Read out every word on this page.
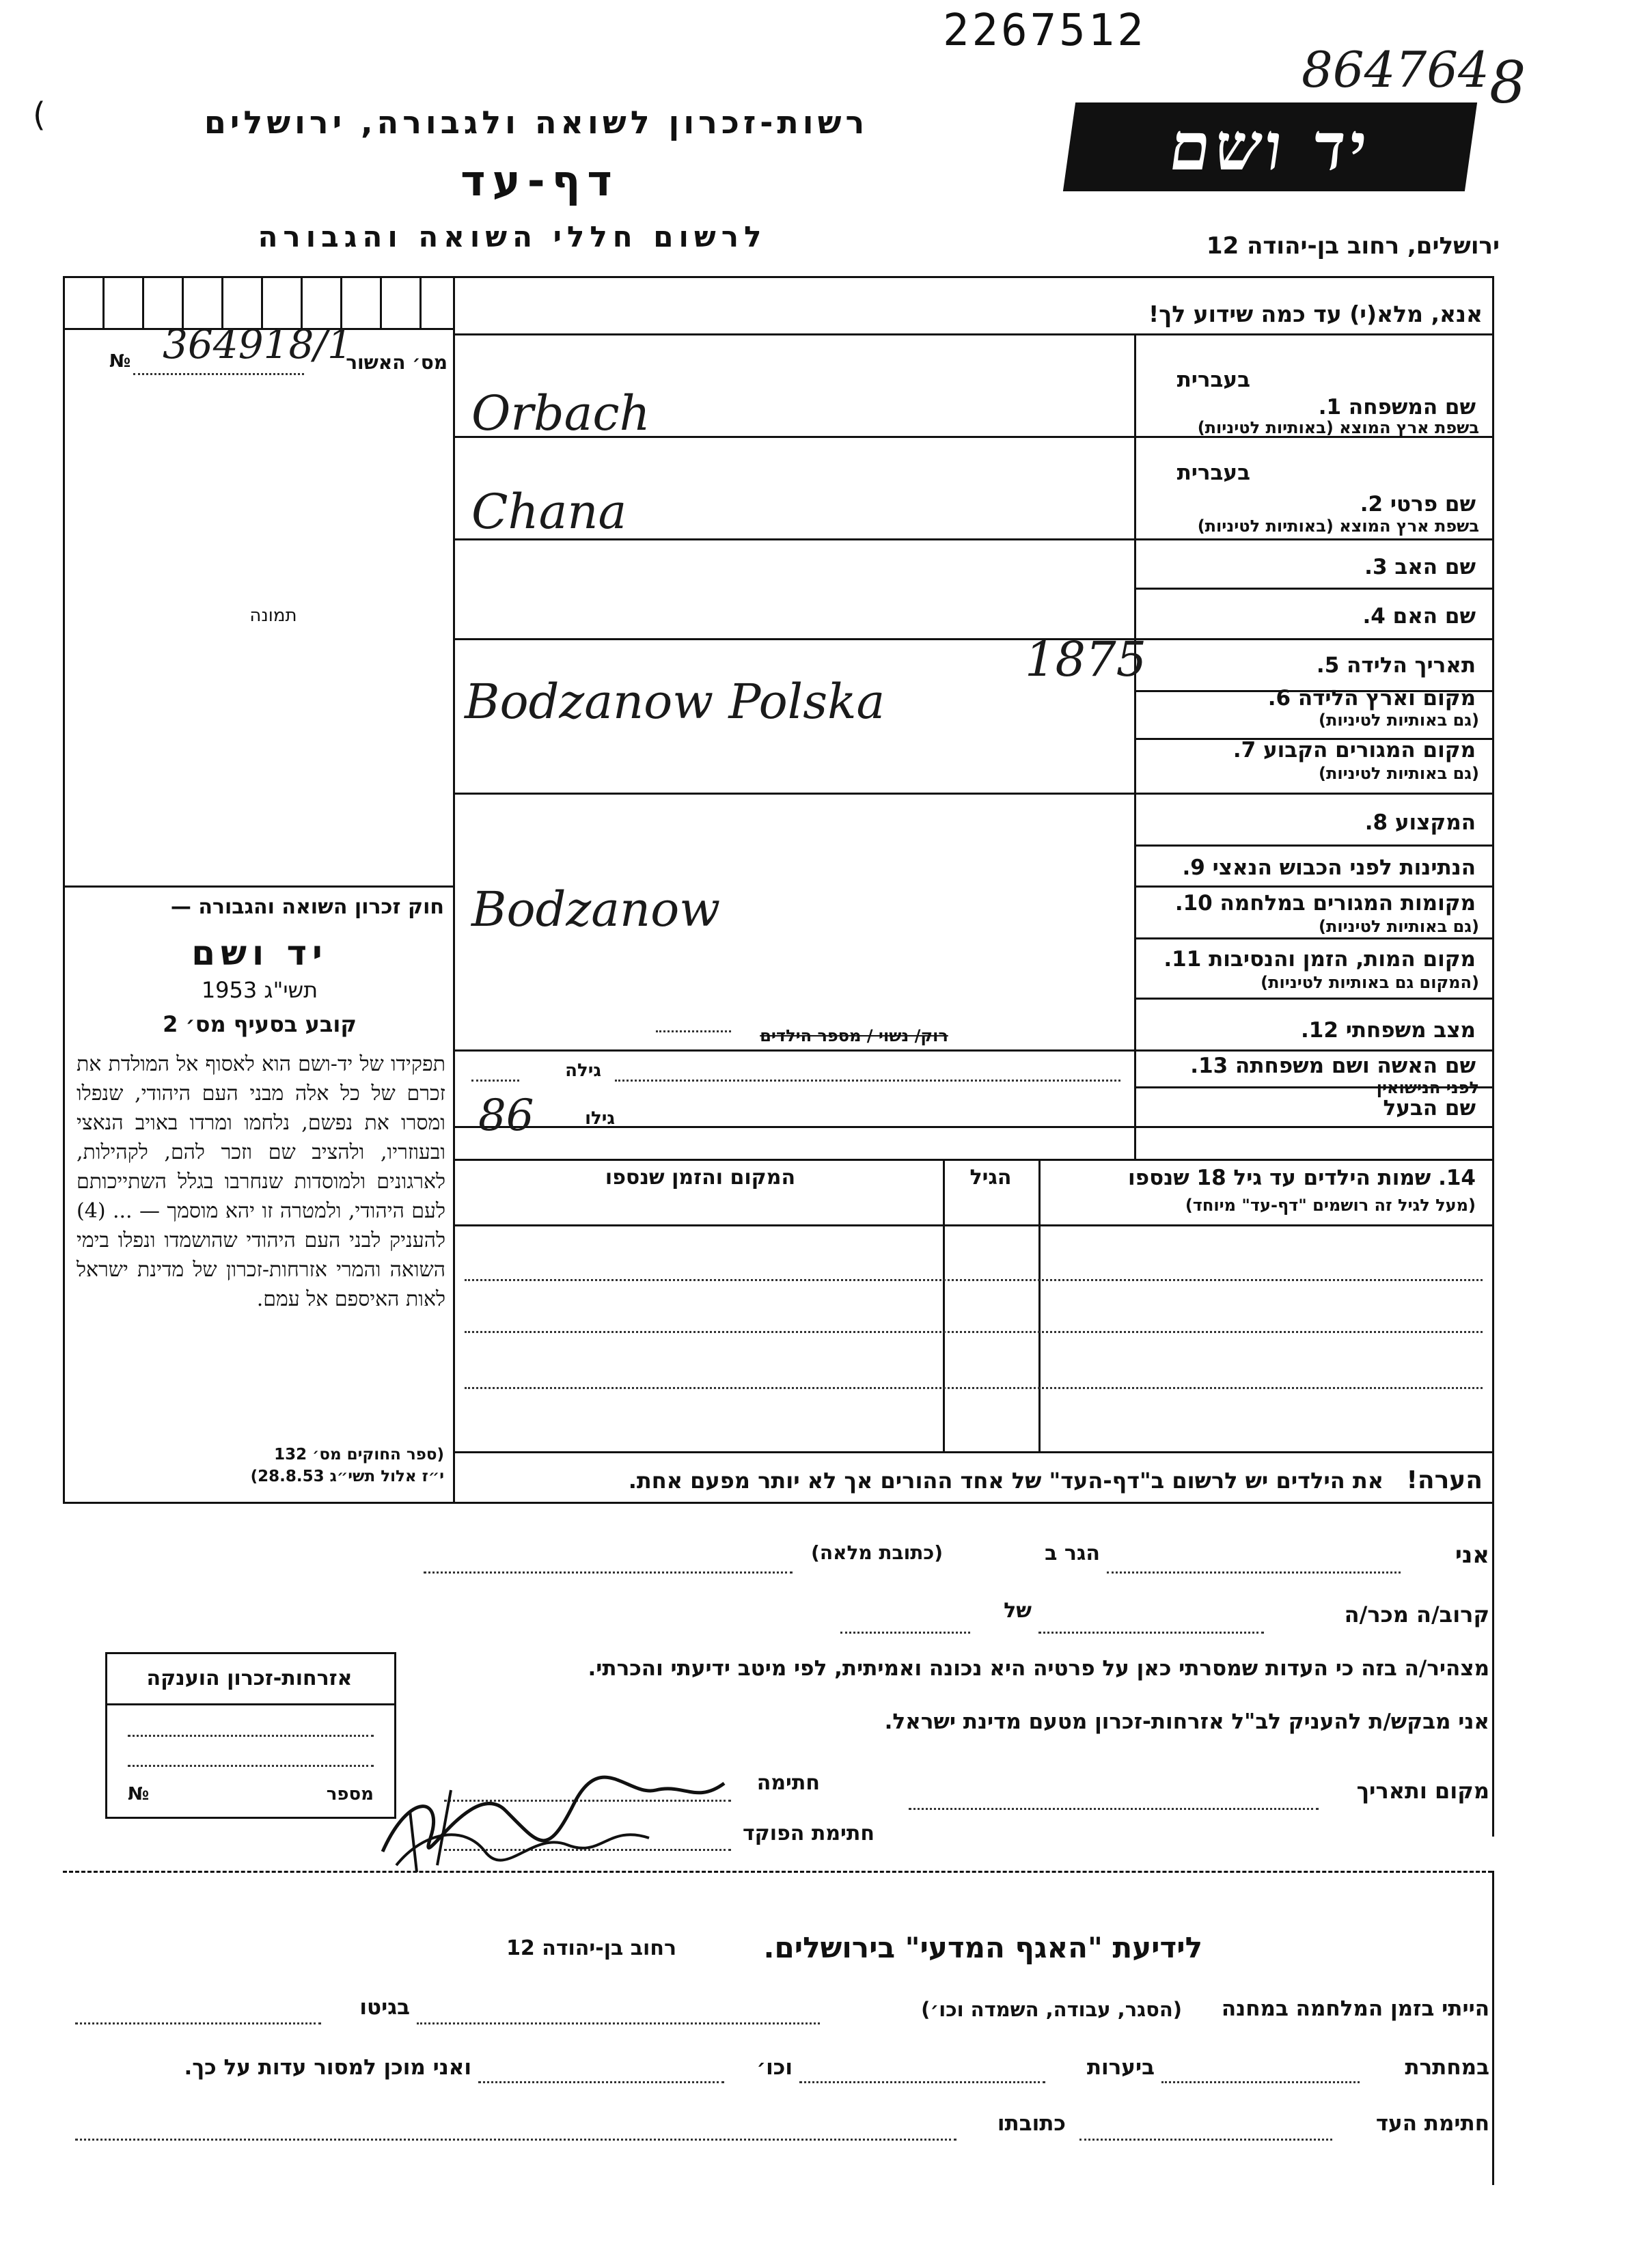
2267512
864764 8
(	רשות-זכרון לשואה ולגבורה, ירושלים
דף-עד
לרשום חללי השואה והגבורה
יד ושם
ירושלים, רחוב בן-יהודה 12
№ 364918/1
מס׳ האשור
תמונה
חוק זכרון השואה והגבורה —
יד ושם
תשי"ג 1953
קובע בסעיף מס׳ 2
תפקידו של יד-ושם הוא לאסוף אל המולדת את זכרם של כל אלה מבני העם היהודי, שנפלו ומסרו את נפשם, נלחמו ומרדו באויב הנאצי ובעוזריו, ולהציב שם וזכר להם, לקהילות, לארגונים ולמוסדות שנחרבו בגלל השתייכותם לעם היהודי, ולמטרה זו יהא מוסמך — ... (4) להעניק לבני העם היהודי שהושמדו ונפלו בימי השואה והמרי אזרחות-זכרון של מדינת ישראל לאות האיספם אל עמם.
(ספר החוקים מס׳ 132
י״ז אלול תשי״ג 28.8.53)
אנא, מלא(י) עד כמה שידוע לך!
בעברית
שם המשפחה 1.
בשפת ארץ המוצא (באותיות לטיניות)
Orbach
בעברית
שם פרטי 2.
בשפת ארץ המוצא (באותיות לטיניות)
Chana
שם האב 3.
שם האם 4.
תאריך הלידה 5.
1875
מקום וארץ הלידה 6.
(גם באותיות לטיניות)
Bodzanow Polska
מקום המגורים הקבוע 7.
(גם באותיות לטיניות)
המקצוע 8.
הנתינות לפני הכבוש הנאצי 9.
מקומות המגורים במלחמה 10.
(גם באותיות לטיניות)
Bodzanow
מקום המות, הזמן והנסיבות 11.
(המקום גם באותיות לטיניות)
מצב משפחתי 12.
רוק/ נשוי / מספר הילדים
שם האשה ושם משפחתה 13.
לפני הנישואין
גילה
שם הבעל
גילו
86
14. שמות הילדים עד גיל 18 שנספו
(מעל לגיל זה רושמים "דף-עד" מיוחד)
הגיל
המקום והזמן שנספו
הערה!   את הילדים יש לרשום ב"דף-העד" של אחד ההורים אך לא יותר מפעם אחת.
אני
הגר ב
(כתובת מלאה)
קרוב/ה מכר/ה
של
מצהיר/ה בזה כי העדות שמסרתי כאן על פרטיה היא נכונה ואמיתית, לפי מיטב ידיעתי והכרתי.
אני מבקש/ת להעניק לב"ל אזרחות-זכרון מטעם מדינת ישראל.
מקום ותאריך
חתימה
חתימת הפוקד
אזרחות-זכרון הוענקה
מספר
№
לידיעת "האגף המדעי" בירושלים.
רחוב בן-יהודה 12
הייתי בזמן המלחמה במחנה
(הסגר, עבודה, השמדה וכו׳)
בגיטו
במחתרת
ביערות
וכו׳
ואני מוכן למסור עדות על כך.
חתימת העד
כתובתו
